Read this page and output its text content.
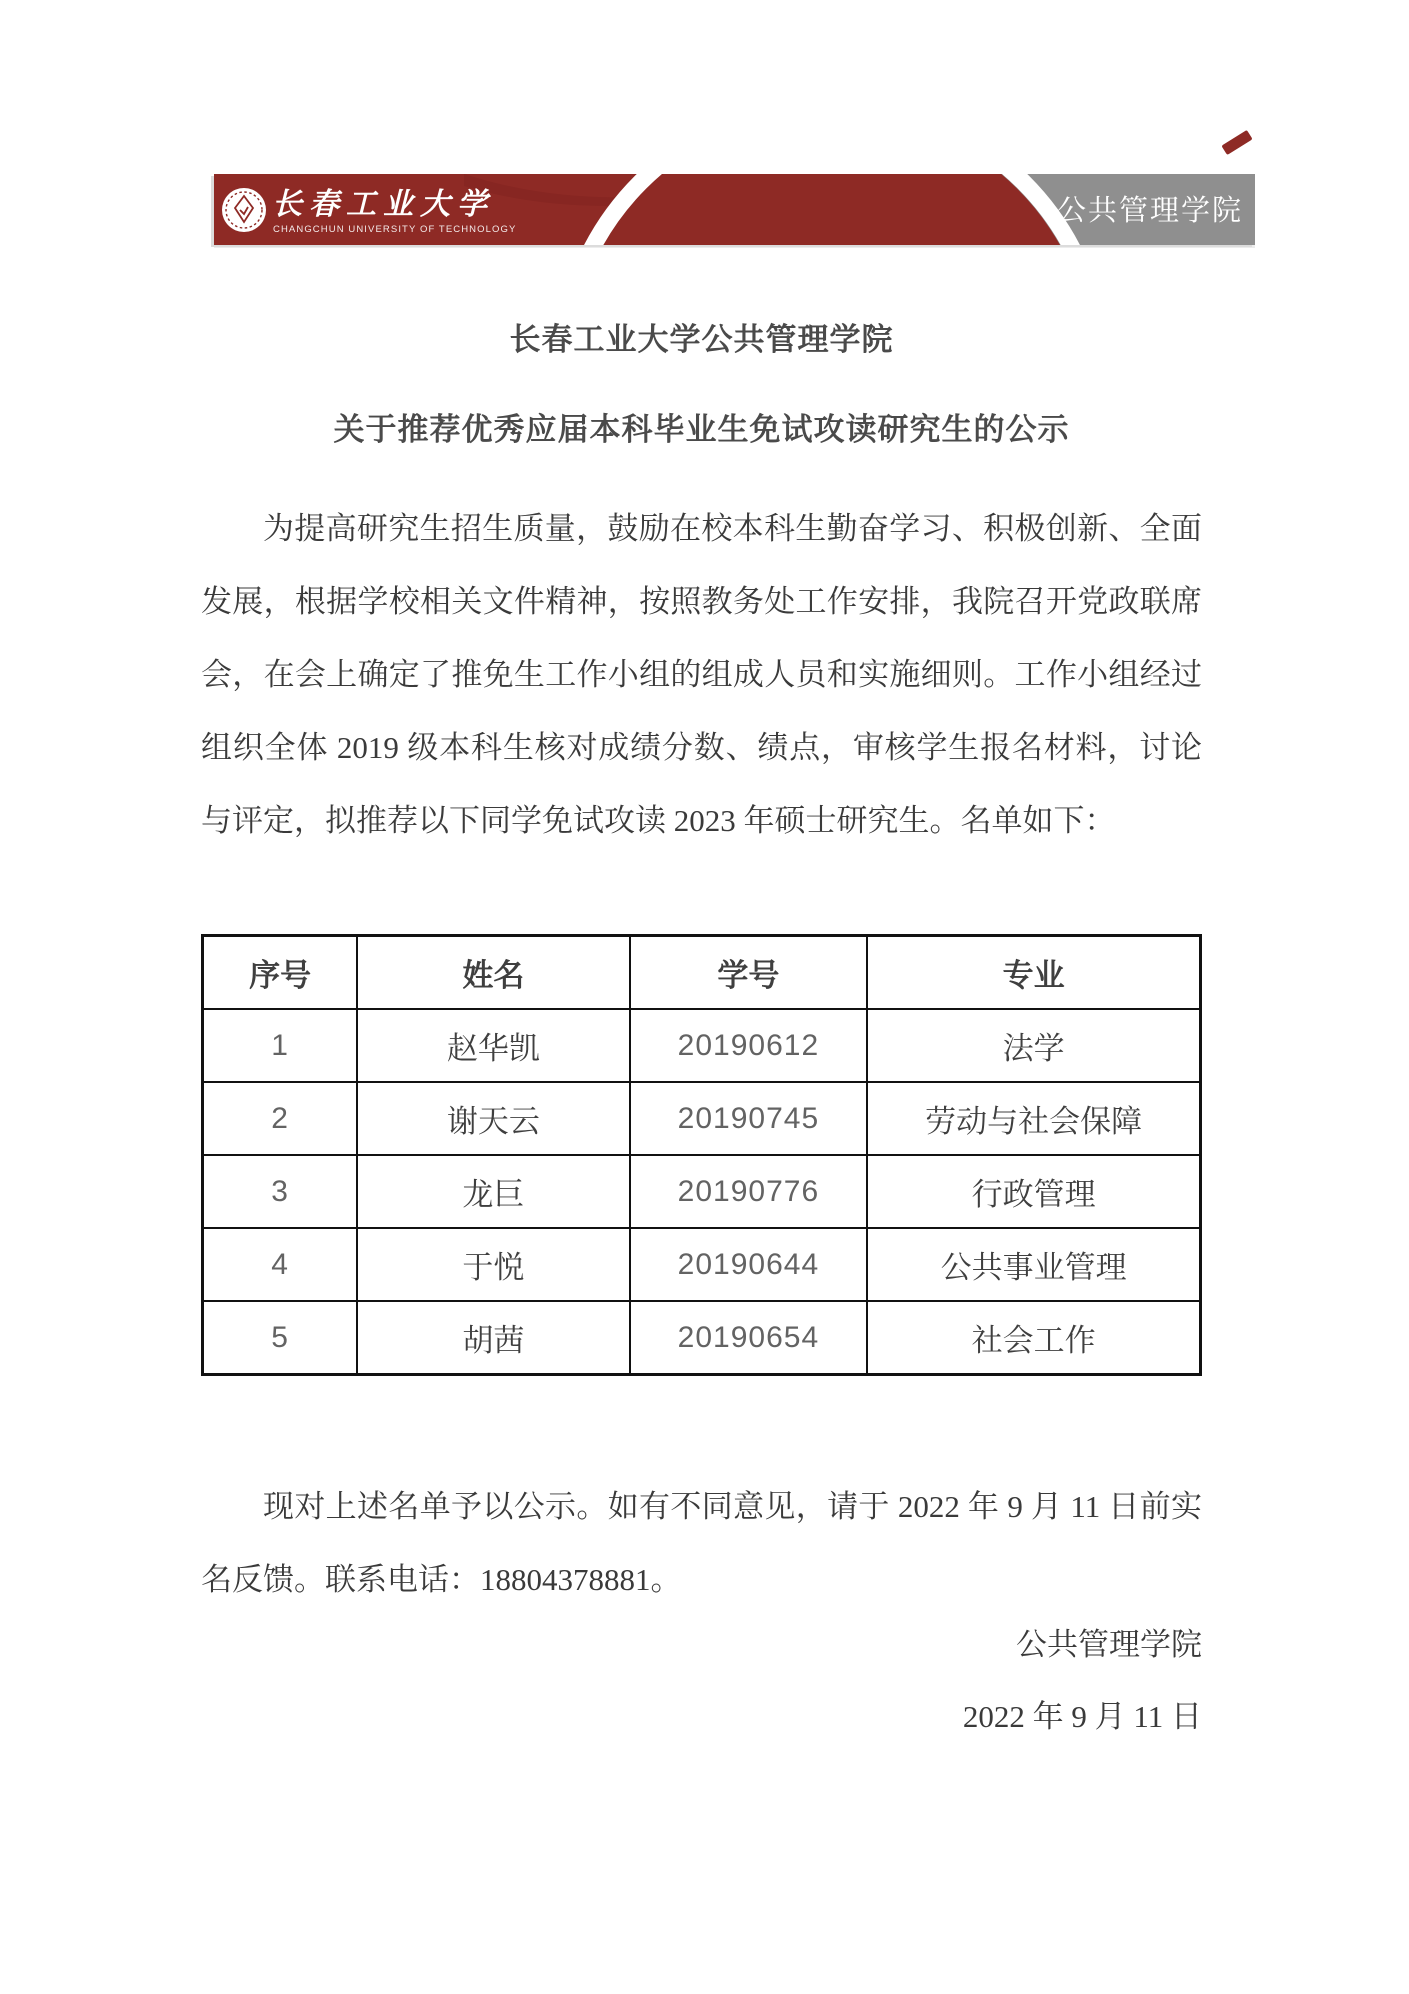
长春工业大学
CHANGCHUN UNIVERSITY OF TECHNOLOGY
公共管理学院
长春工业大学公共管理学院
关于推荐优秀应届本科毕业生免试攻读研究生的公示
为提高研究生招生质量，鼓励在校本科生勤奋学习、积极创新、全面发展，根据学校相关文件精神，按照教务处工作安排，我院召开党政联席会，在会上确定了推免生工作小组的组成人员和实施细则。工作小组经过组织全体 2019 级本科生核对成绩分数、绩点，审核学生报名材料，讨论与评定，拟推荐以下同学免试攻读 2023 年硕士研究生。名单如下：
序号	姓名	学号	专业
1	赵华凯	20190612	法学
2	谢天云	20190745	劳动与社会保障
3	龙巨	20190776	行政管理
4	于悦	20190644	公共事业管理
5	胡茜	20190654	社会工作
现对上述名单予以公示。如有不同意见，请于 2022 年 9 月 11 日前实名反馈。联系电话：18804378881。
公共管理学院
2022 年 9 月 11 日
